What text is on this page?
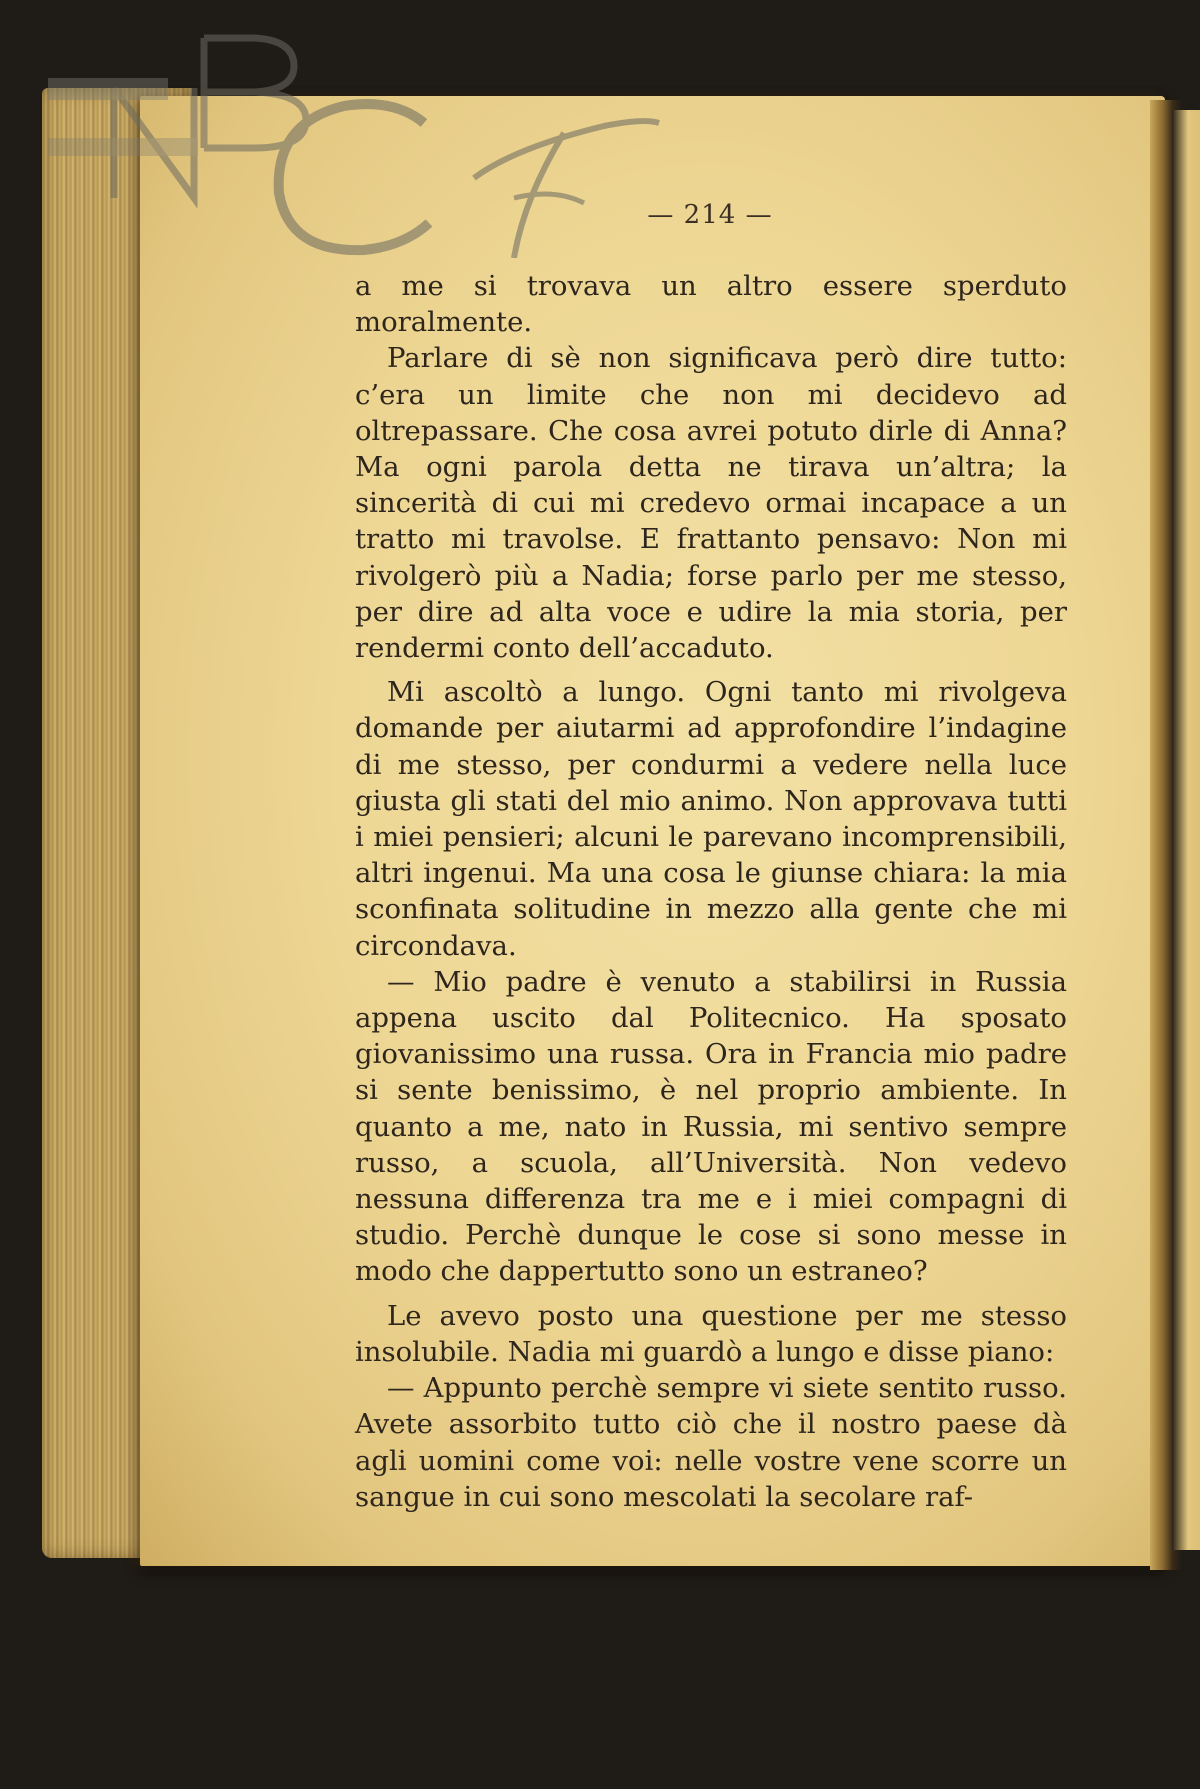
— 214 —

a me si trovava un altro essere sperduto moralmente.

Parlare di sè non significava però dire tutto: c’era un limite che non mi decidevo ad oltrepassare. Che cosa avrei potuto dirle di Anna? Ma ogni parola detta ne tirava un’altra; la sincerità di cui mi credevo ormai incapace a un tratto mi travolse. E frattanto pensavo: Non mi rivolgerò più a Nadia; forse parlo per me stesso, per dire ad alta voce e udire la mia storia, per rendermi conto dell’accaduto.

Mi ascoltò a lungo. Ogni tanto mi rivolgeva domande per aiutarmi ad approfondire l’indagine di me stesso, per condurmi a vedere nella luce giusta gli stati del mio animo. Non approvava tutti i miei pensieri; alcuni le parevano incomprensibili, altri ingenui. Ma una cosa le giunse chiara: la mia sconfinata solitudine in mezzo alla gente che mi circondava.

— Mio padre è venuto a stabilirsi in Russia appena uscito dal Politecnico. Ha sposato giovanissimo una russa. Ora in Francia mio padre si sente benissimo, è nel proprio ambiente. In quanto a me, nato in Russia, mi sentivo sempre russo, a scuola, all’Università. Non vedevo nessuna differenza tra me e i miei compagni di studio. Perchè dunque le cose si sono messe in modo che dappertutto sono un estraneo?

Le avevo posto una questione per me stesso insolubile. Nadia mi guardò a lungo e disse piano:

— Appunto perchè sempre vi siete sentito russo. Avete assorbito tutto ciò che il nostro paese dà agli uomini come voi: nelle vostre vene scorre un sangue in cui sono mescolati la secolare raf-
